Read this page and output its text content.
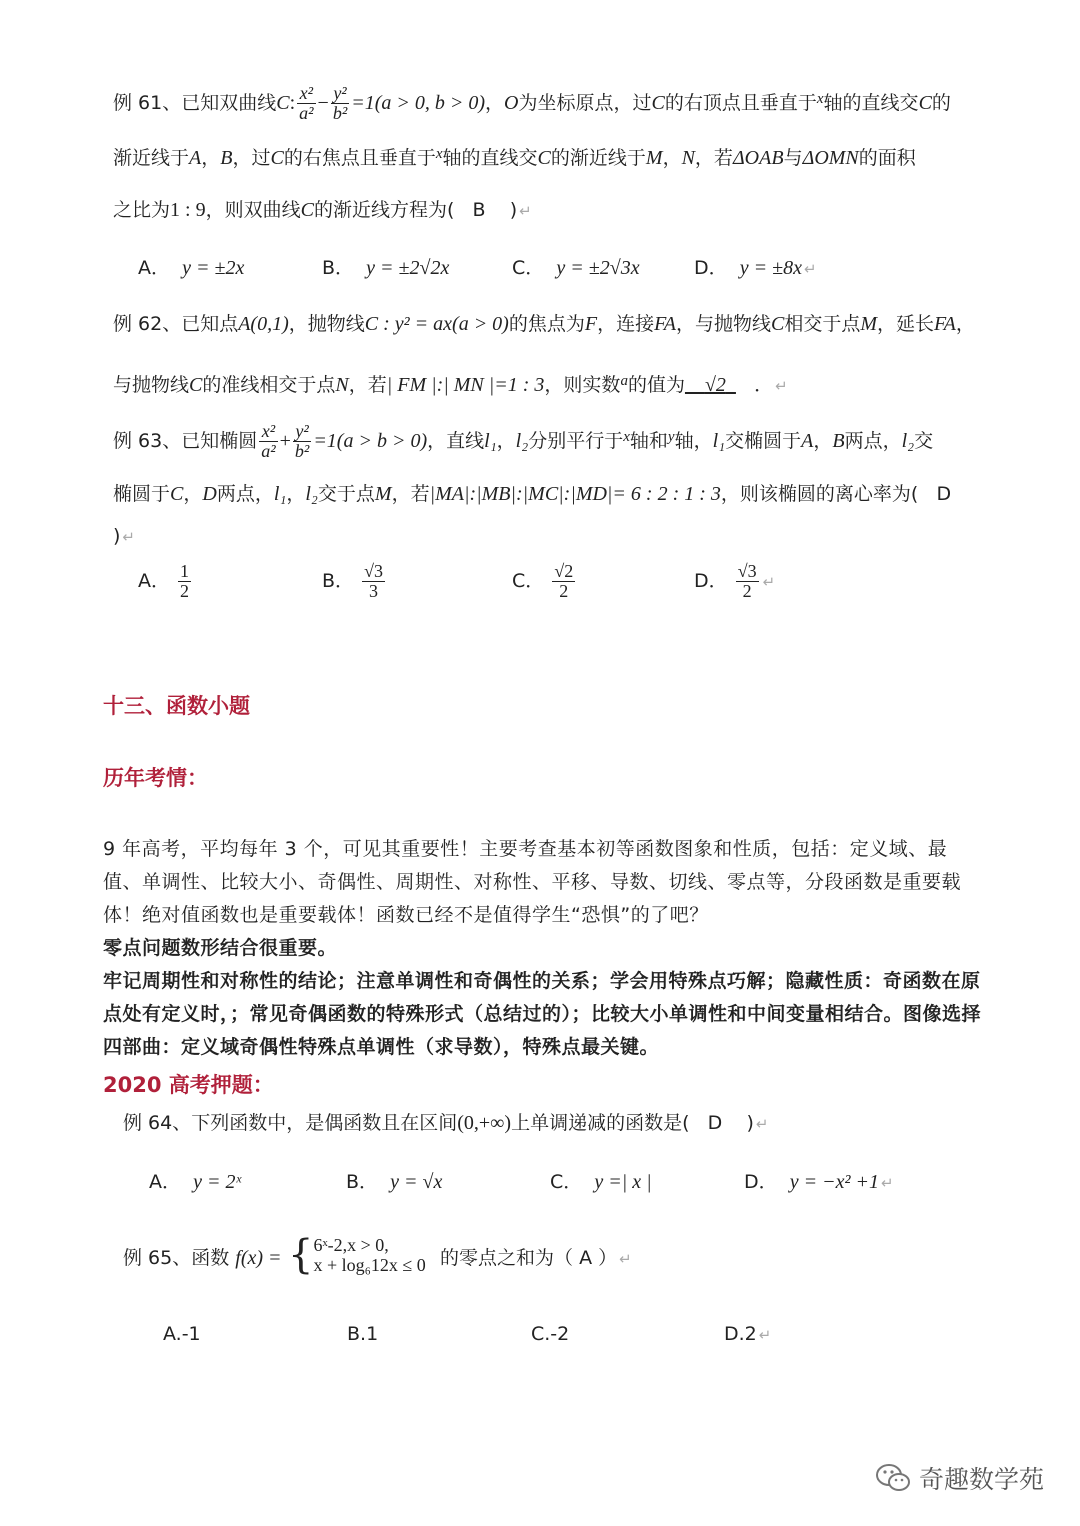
例 61、已知双曲线C: $\frac{\text{x²}}{\text{a²}} - \frac{\text{y²}}{\text{b²}} =1(a > 0$, b > 0)，O为坐标原点，过C的右顶点且垂直于$^x$轴的直线交C的
渐近线于A，B，过C的右焦点且垂直于$^x$轴的直线交C的渐近线于M，N，若ΔOAB与ΔOMN的面积
之比为1 : 9，则双曲线C的渐近线方程为( B ) ↵
A． y = ±2x	B． y = ±2√2x	C． y = ±2√3x	D． y = ±8x ↵
例 62、已知点A(0,1)，抛物线C : y² = ax(a > 0)的焦点为F，连接FA，与抛物线C相交于点M，延长FA，
与抛物线C的准线相交于点N，若| FM |:| MN |=1 : 3，则实数$^a$的值为 √2 ． ↵
例 63、已知椭圆 $\frac{\text{x²}}{\text{a²}} + \frac{\text{y²}}{\text{b²}} =1(a > b > 0)$，直线l₁，l₂分别平行于$^x$轴和$^y$轴，l₁交椭圆于A，B两点，l₂交
椭圆于C，D两点，l₁，l₂交于点M，若|MA|:|MB|:|MC|:|MD|= 6 : 2 : 1 : 3，则该椭圆的离心率为( D
) ↵
A． $\frac{1}{2}$	B． $\frac{√3}{3}$	C． $\frac{√2}{2}$	D． $\frac{√3}{2}$ ↵
十三、函数小题
历年考情：
9 年高考，平均每年 3 个，可见其重要性！主要考查基本初等函数图象和性质，包括：定义域、最值、单调性、比较大小、奇偶性、周期性、对称性、平移、导数、切线、零点等，分段函数是重要载体！绝对值函数也是重要载体！函数已经不是值得学生“恐惧”的了吧？
零点问题数形结合很重要。
牢记周期性和对称性的结论；注意单调性和奇偶性的关系；学会用特殊点巧解；隐藏性质：奇函数在原点处有定义时，；常见奇偶函数的特殊形式（总结过的）；比较大小单调性和中间变量相结合。图像选择四部曲：定义域奇偶性特殊点单调性（求导数），特殊点最关键。
2020 高考押题：
例 64、下列函数中，是偶函数且在区间(0,+∞)上单调递减的函数是( D ) ↵
A． y = 2ˣ	B． y = √x	C． y =| x |	D． y = −x² +1 ↵
例 65、函数 f(x) = { 6ˣ-2,x > 0,
x + log₆12x ≤ 0 的零点之和为（ A ） ↵
A.-1	B.1	C.-2	D.2 ↵
奇趣数学苑
